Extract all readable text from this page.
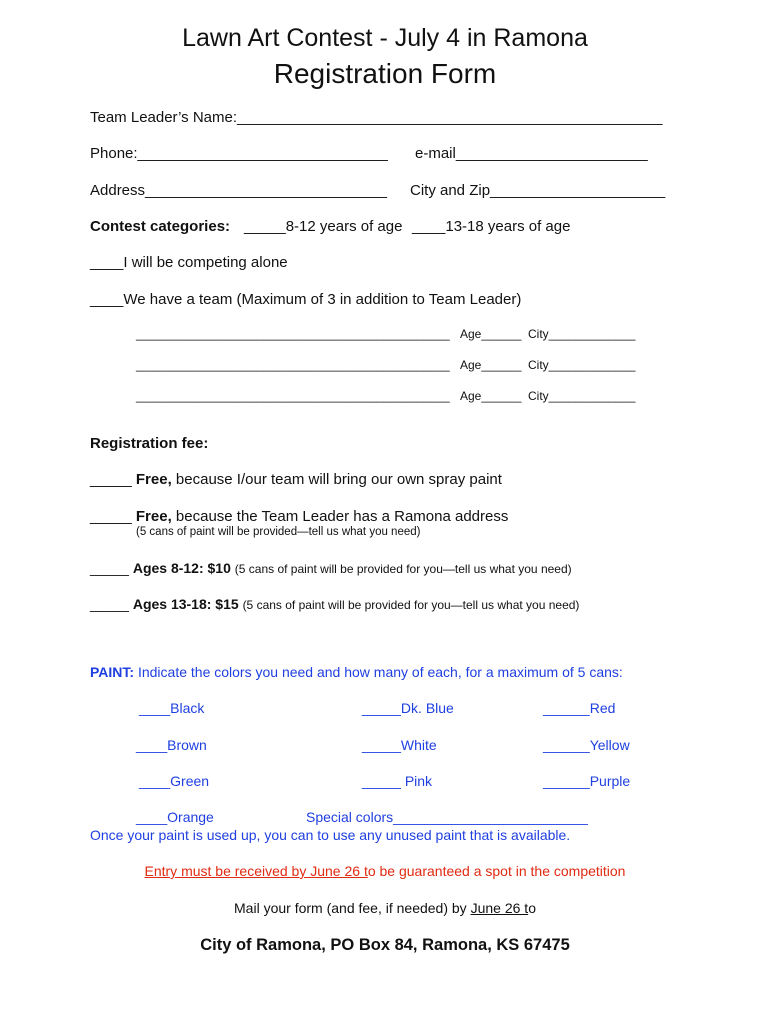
Lawn Art Contest - July 4 in Ramona
Registration Form
Team Leader’s Name:___________________________________________________
Phone:______________________________ e-mail_______________________
Address_____________________________ City and Zip_____________________
Contest categories: _____8-12 years of age ____13-18 years of age
____I will be competing alone
____We have a team (Maximum of 3 in addition to Team Leader)
_______________________________________________ Age______ City_____________
_______________________________________________ Age______ City_____________
_______________________________________________ Age______ City_____________
Registration fee:
_____ Free, because I/our team will bring our own spray paint
_____ Free, because the Team Leader has a Ramona address
(5 cans of paint will be provided—tell us what you need)
_____ Ages 8-12: $10 (5 cans of paint will be provided for you—tell us what you need)
_____ Ages 13-18: $15 (5 cans of paint will be provided for you—tell us what you need)
PAINT: Indicate the colors you need and how many of each, for a maximum of 5 cans:
____Black	_____Dk. Blue	______Red
____Brown	_____White	______Yellow
____Green	_____ Pink	______Purple
____Orange	Special colors_________________________
Once your paint is used up, you can to use any unused paint that is available.
Entry must be received by June 26 to be guaranteed a spot in the competition
Mail your form (and fee, if needed) by June 26 to
City of Ramona, PO Box 84, Ramona, KS 67475
